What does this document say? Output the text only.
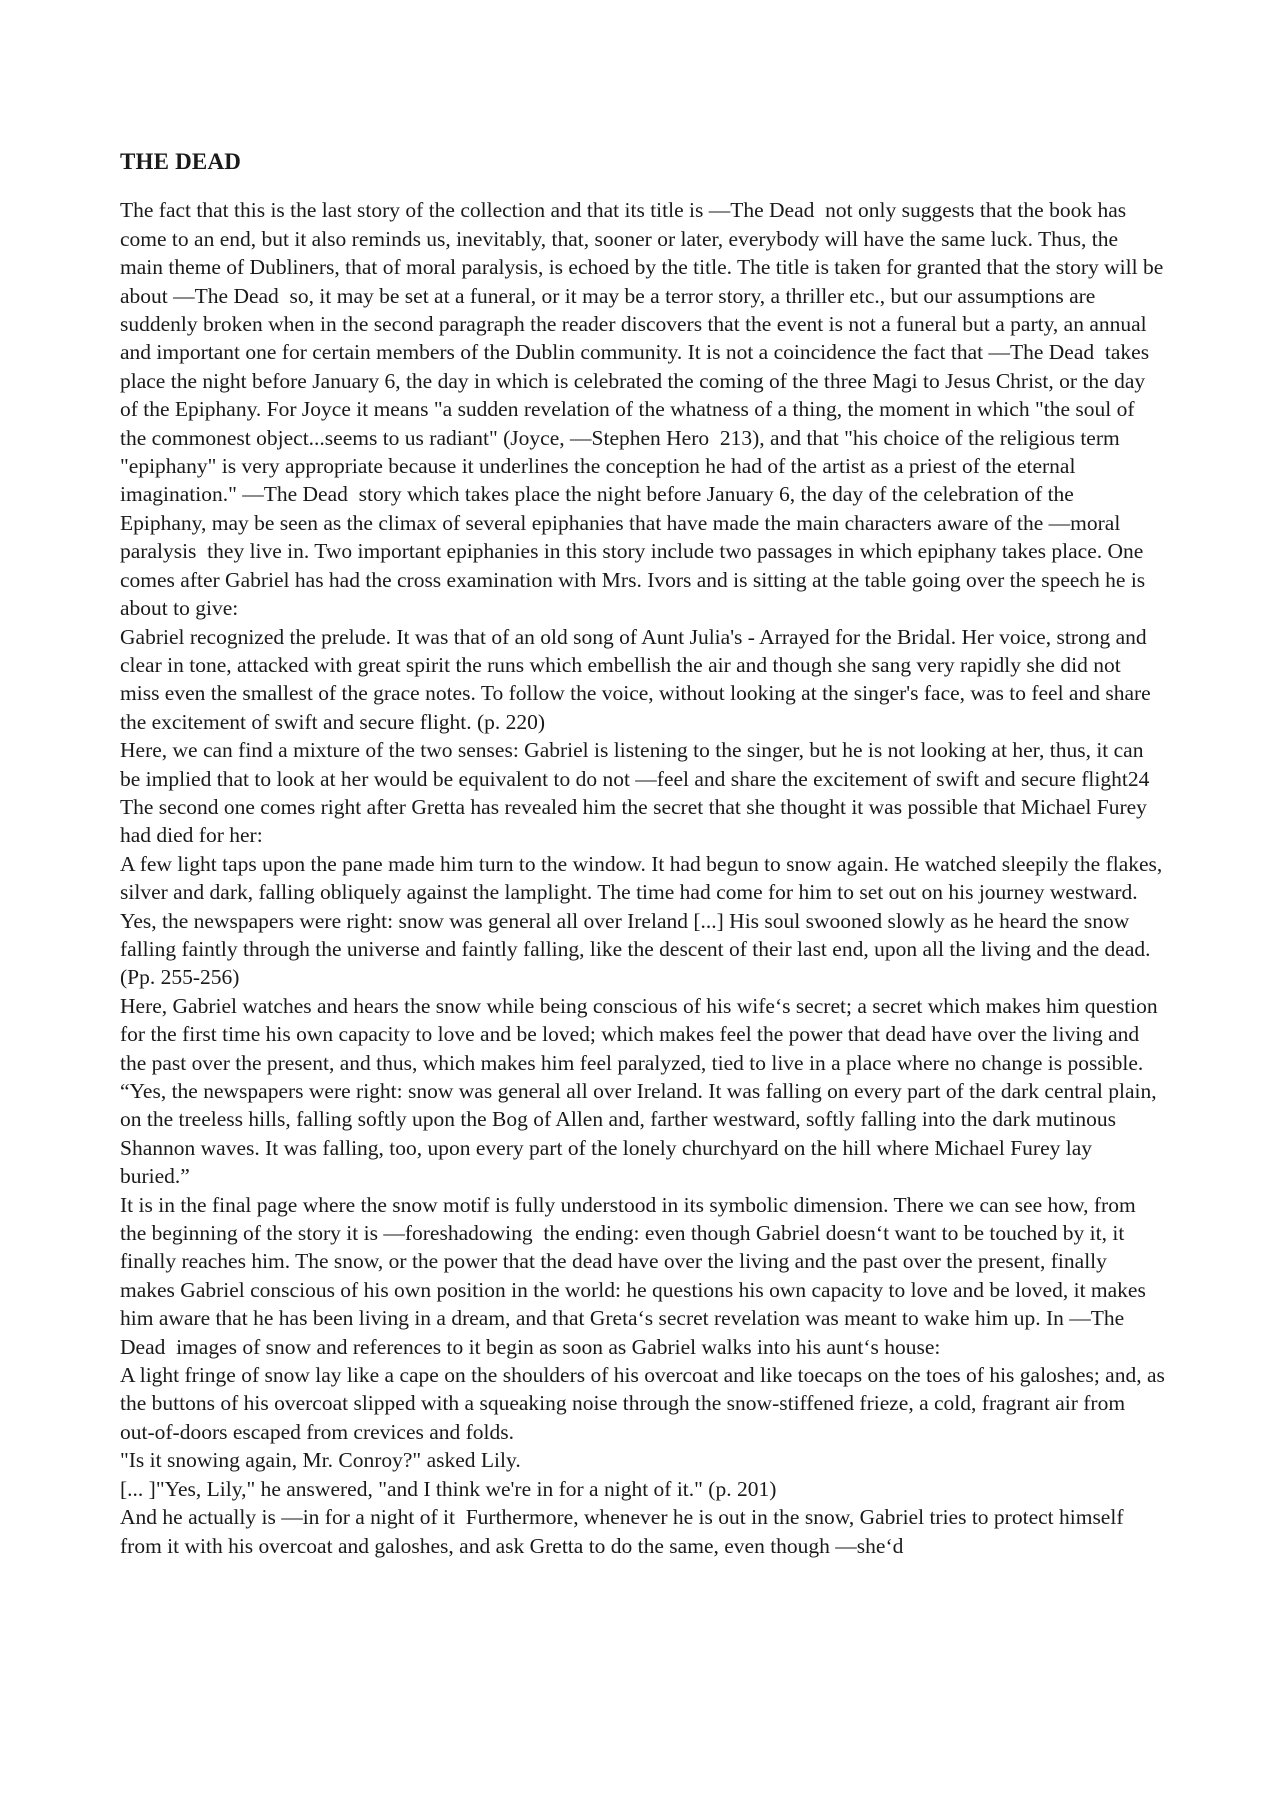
THE DEAD

The fact that this is the last story of the collection and that its title is —The Dead not only suggests that the book has come to an end, but it also reminds us, inevitably, that, sooner or later, everybody will have the same luck. Thus, the main theme of Dubliners, that of moral paralysis, is echoed by the title. The title is taken for granted that the story will be about —The Dead so, it may be set at a funeral, or it may be a terror story, a thriller etc., but our assumptions are suddenly broken when in the second paragraph the reader discovers that the event is not a funeral but a party, an annual and important one for certain members of the Dublin community. It is not a coincidence the fact that —The Dead takes place the night before January 6, the day in which is celebrated the coming of the three Magi to Jesus Christ, or the day of the Epiphany. For Joyce it means "a sudden revelation of the whatness of a thing, the moment in which "the soul of the commonest object...seems to us radiant" (Joyce, —Stephen Hero 213), and that "his choice of the religious term "epiphany" is very appropriate because it underlines the conception he had of the artist as a priest of the eternal imagination." —The Dead story which takes place the night before January 6, the day of the celebration of the Epiphany, may be seen as the climax of several epiphanies that have made the main characters aware of the —moral paralysis they live in. Two important epiphanies in this story include two passages in which epiphany takes place. One comes after Gabriel has had the cross examination with Mrs. Ivors and is sitting at the table going over the speech he is about to give:

Gabriel recognized the prelude. It was that of an old song of Aunt Julia's - Arrayed for the Bridal. Her voice, strong and clear in tone, attacked with great spirit the runs which embellish the air and though she sang very rapidly she did not miss even the smallest of the grace notes. To follow the voice, without looking at the singer's face, was to feel and share the excitement of swift and secure flight. (p. 220)

Here, we can find a mixture of the two senses: Gabriel is listening to the singer, but he is not looking at her, thus, it can be implied that to look at her would be equivalent to do not —feel and share the excitement of swift and secure flight24 

The second one comes right after Gretta has revealed him the secret that she thought it was possible that Michael Furey had died for her:

A few light taps upon the pane made him turn to the window. It had begun to snow again. He watched sleepily the flakes, silver and dark, falling obliquely against the lamplight. The time had come for him to set out on his journey westward. Yes, the newspapers were right: snow was general all over Ireland [...] His soul swooned slowly as he heard the snow falling faintly through the universe and faintly falling, like the descent of their last end, upon all the living and the dead. (Pp. 255-256)

Here, Gabriel watches and hears the snow while being conscious of his wife‘s secret; a secret which makes him question for the first time his own capacity to love and be loved; which makes feel the power that dead have over the living and the past over the present, and thus, which makes him feel paralyzed, tied to live in a place where no change is possible.

“Yes, the newspapers were right: snow was general all over Ireland. It was falling on every part of the dark central plain, on the treeless hills, falling softly upon the Bog of Allen and, farther westward, softly falling into the dark mutinous Shannon waves. It was falling, too, upon every part of the lonely churchyard on the hill where Michael Furey lay buried.”

It is in the final page where the snow motif is fully understood in its symbolic dimension. There we can see how, from the beginning of the story it is —foreshadowing the ending: even though Gabriel doesn‘t want to be touched by it, it finally reaches him. The snow, or the power that the dead have over the living and the past over the present, finally makes Gabriel conscious of his own position in the world: he questions his own capacity to love and be loved, it makes him aware that he has been living in a dream, and that Greta‘s secret revelation was meant to wake him up. In —The Dead images of snow and references to it begin as soon as Gabriel walks into his aunt‘s house:

A light fringe of snow lay like a cape on the shoulders of his overcoat and like toecaps on the toes of his galoshes; and, as the buttons of his overcoat slipped with a squeaking noise through the snow-stiffened frieze, a cold, fragrant air from out-of-doors escaped from crevices and folds.

"Is it snowing again, Mr. Conroy?" asked Lily.

[... ]"Yes, Lily," he answered, "and I think we're in for a night of it." (p. 201)

And he actually is —in for a night of it Furthermore, whenever he is out in the snow, Gabriel tries to protect himself from it with his overcoat and galoshes, and ask Gretta to do the same, even though —she‘d
